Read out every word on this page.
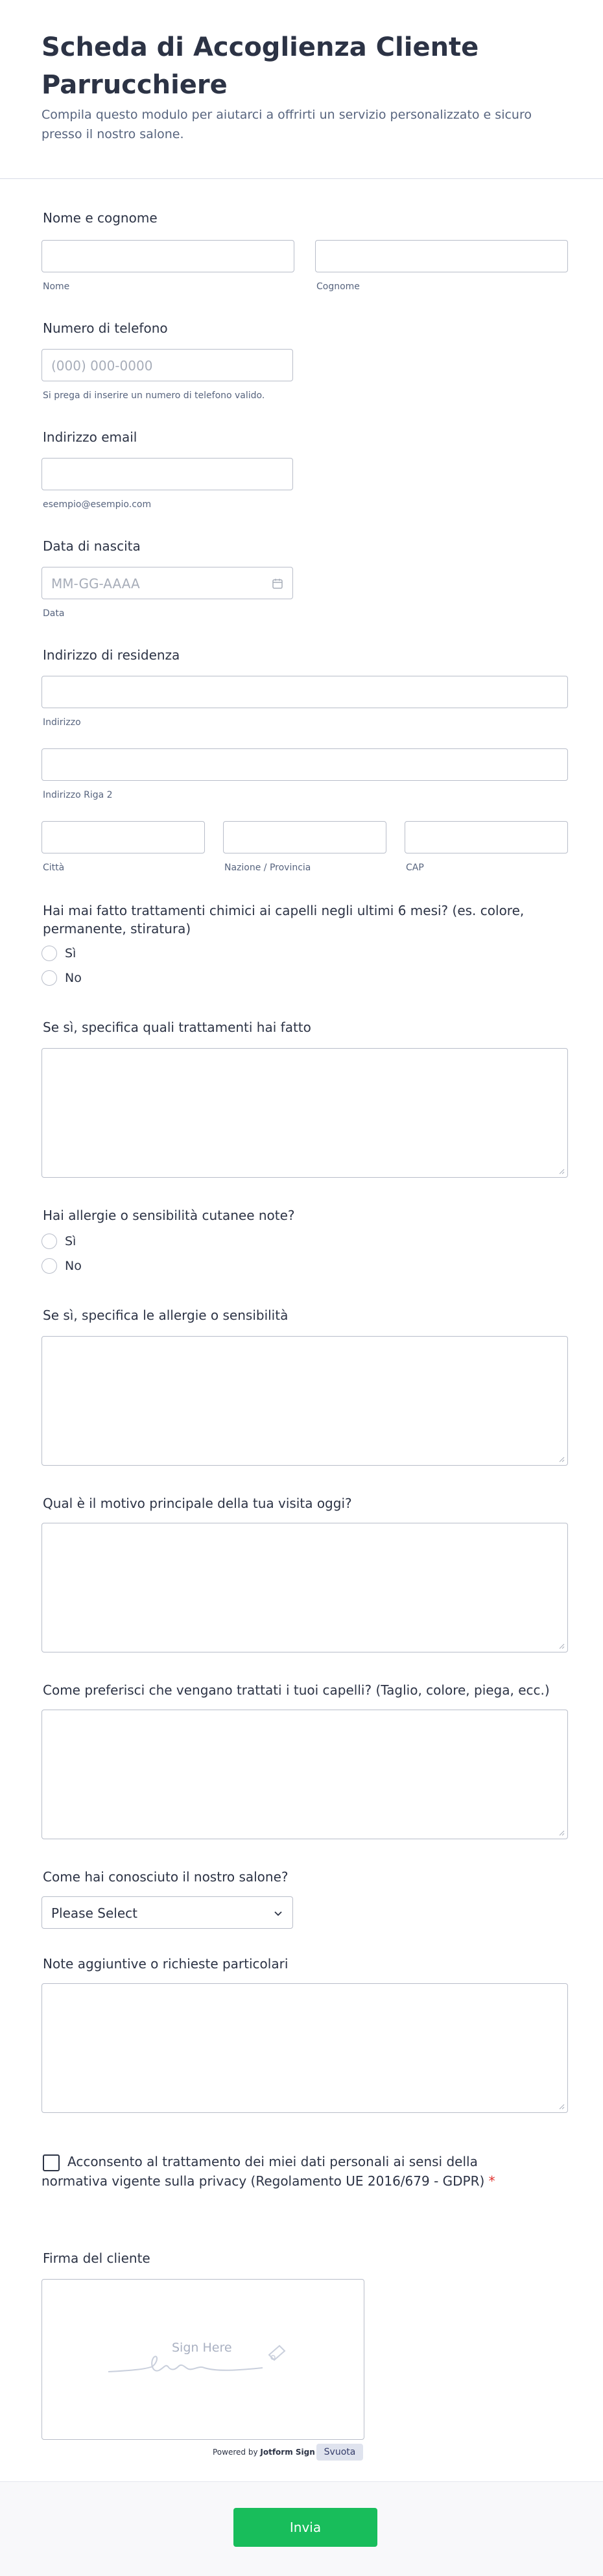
Scheda di Accoglienza Cliente Parrucchiere
Compila questo modulo per aiutarci a offrirti un servizio personalizzato e sicuro presso il nostro salone.
Nome e cognome
Nome	Cognome
Numero di telefono
(000) 000-0000
Si prega di inserire un numero di telefono valido.
Indirizzo email
esempio@esempio.com
Data di nascita
MM-GG-AAAA
Data
Indirizzo di residenza
Indirizzo
Indirizzo Riga 2
Città	Nazione / Provincia	CAP
Hai mai fatto trattamenti chimici ai capelli negli ultimi 6 mesi? (es. colore, permanente, stiratura)
Sì
No
Se sì, specifica quali trattamenti hai fatto
Hai allergie o sensibilità cutanee note?
Sì
No
Se sì, specifica le allergie o sensibilità
Qual è il motivo principale della tua visita oggi?
Come preferisci che vengano trattati i tuoi capelli? (Taglio, colore, piega, ecc.)
Come hai conosciuto il nostro salone?
Please Select
Note aggiuntive o richieste particolari
Acconsento al trattamento dei miei dati personali ai sensi della normativa vigente sulla privacy (Regolamento UE 2016/679 - GDPR) *
Firma del cliente
Sign Here
Powered by Jotform Sign Svuota
Invia
